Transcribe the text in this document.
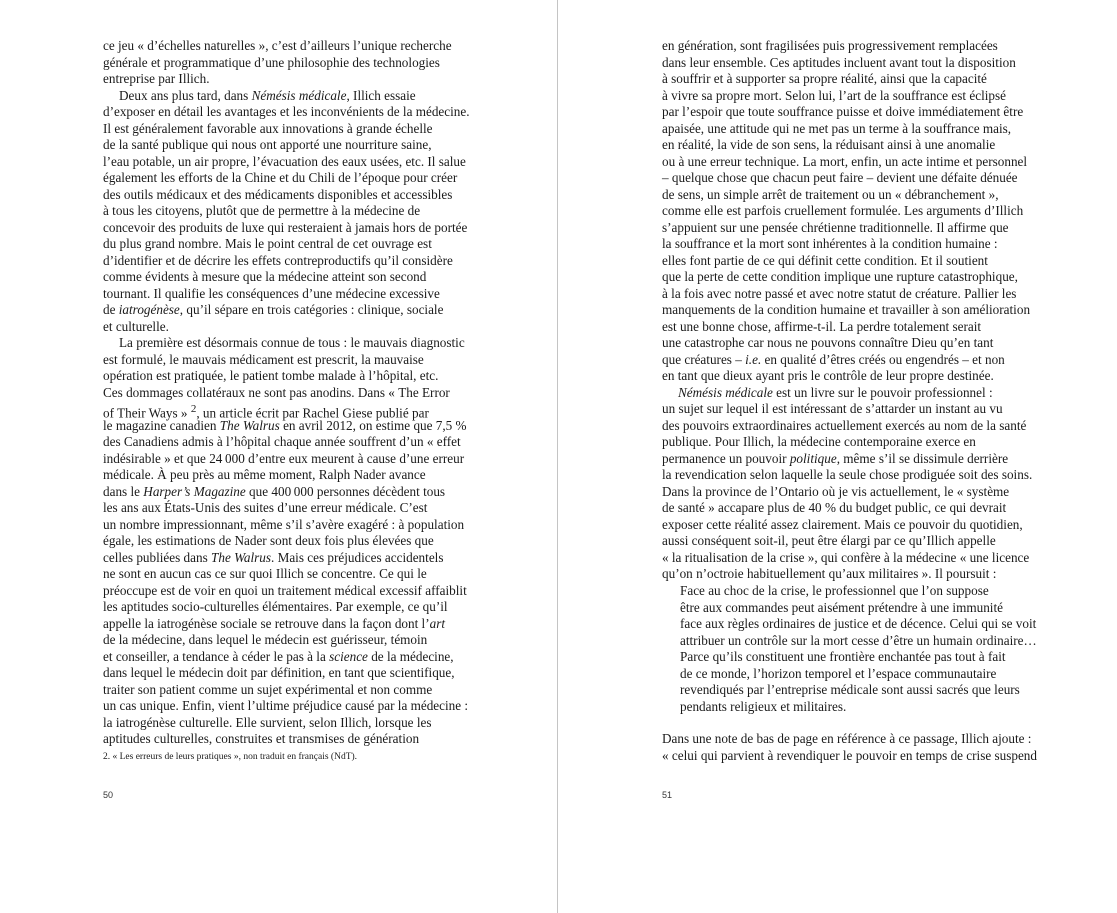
ce jeu « d’échelles naturelles », c’est d’ailleurs l’unique recherche

générale et programmatique d’une philosophie des technologies

entreprise par Illich.

Deux ans plus tard, dans Némésis médicale, Illich essaie

d’exposer en détail les avantages et les inconvénients de la médecine.

Il est généralement favorable aux innovations à grande échelle

de la santé publique qui nous ont apporté une nourriture saine,

l’eau potable, un air propre, l’évacuation des eaux usées, etc. Il salue

également les efforts de la Chine et du Chili de l’époque pour créer

des outils médicaux et des médicaments disponibles et accessibles

à tous les citoyens, plutôt que de permettre à la médecine de

concevoir des produits de luxe qui resteraient à jamais hors de portée

du plus grand nombre. Mais le point central de cet ouvrage est

d’identifier et de décrire les effets contreproductifs qu’il considère

comme évidents à mesure que la médecine atteint son second

tournant. Il qualifie les conséquences d’une médecine excessive

de iatrogénèse, qu’il sépare en trois catégories : clinique, sociale

et culturelle.

La première est désormais connue de tous : le mauvais diagnostic

est formulé, le mauvais médicament est prescrit, la mauvaise

opération est pratiquée, le patient tombe malade à l’hôpital, etc.

Ces dommages collatéraux ne sont pas anodins. Dans « The Error

of Their Ways » $^2$, un article écrit par Rachel Giese publié par

le magazine canadien The Walrus en avril 2012, on estime que 7,5 %

des Canadiens admis à l’hôpital chaque année souffrent d’un « effet

indésirable » et que 24 000 d’entre eux meurent à cause d’une erreur

médicale. À peu près au même moment, Ralph Nader avance

dans le Harper’s Magazine que 400 000 personnes décèdent tous

les ans aux États-Unis des suites d’une erreur médicale. C’est

un nombre impressionnant, même s’il s’avère exagéré : à population

égale, les estimations de Nader sont deux fois plus élevées que

celles publiées dans The Walrus. Mais ces préjudices accidentels

ne sont en aucun cas ce sur quoi Illich se concentre. Ce qui le

préoccupe est de voir en quoi un traitement médical excessif affaiblit

les aptitudes socio-culturelles élémentaires. Par exemple, ce qu’il

appelle la iatrogénèse sociale se retrouve dans la façon dont l’art

de la médecine, dans lequel le médecin est guérisseur, témoin

et conseiller, a tendance à céder le pas à la science de la médecine,

dans lequel le médecin doit par définition, en tant que scientifique,

traiter son patient comme un sujet expérimental et non comme

un cas unique. Enfin, vient l’ultime préjudice causé par la médecine :

la iatrogénèse culturelle. Elle survient, selon Illich, lorsque les

aptitudes culturelles, construites et transmises de génération

2. « Les erreurs de leurs pratiques », non traduit en français (NdT).

50

en génération, sont fragilisées puis progressivement remplacées

dans leur ensemble. Ces aptitudes incluent avant tout la disposition

à souffrir et à supporter sa propre réalité, ainsi que la capacité

à vivre sa propre mort. Selon lui, l’art de la souffrance est éclipsé

par l’espoir que toute souffrance puisse et doive immédiatement être

apaisée, une attitude qui ne met pas un terme à la souffrance mais,

en réalité, la vide de son sens, la réduisant ainsi à une anomalie

ou à une erreur technique. La mort, enfin, un acte intime et personnel

– quelque chose que chacun peut faire – devient une défaite dénuée

de sens, un simple arrêt de traitement ou un « débranchement »,

comme elle est parfois cruellement formulée. Les arguments d’Illich

s’appuient sur une pensée chrétienne traditionnelle. Il affirme que

la souffrance et la mort sont inhérentes à la condition humaine :

elles font partie de ce qui définit cette condition. Et il soutient

que la perte de cette condition implique une rupture catastrophique,

à la fois avec notre passé et avec notre statut de créature. Pallier les

manquements de la condition humaine et travailler à son amélioration

est une bonne chose, affirme-t-il. La perdre totalement serait

une catastrophe car nous ne pouvons connaître Dieu qu’en tant

que créatures – i.e. en qualité d’êtres créés ou engendrés – et non

en tant que dieux ayant pris le contrôle de leur propre destinée.

Némésis médicale est un livre sur le pouvoir professionnel :

un sujet sur lequel il est intéressant de s’attarder un instant au vu

des pouvoirs extraordinaires actuellement exercés au nom de la santé

publique. Pour Illich, la médecine contemporaine exerce en

permanence un pouvoir politique, même s’il se dissimule derrière

la revendication selon laquelle la seule chose prodiguée soit des soins.

Dans la province de l’Ontario où je vis actuellement, le « système

de santé » accapare plus de 40 % du budget public, ce qui devrait

exposer cette réalité assez clairement. Mais ce pouvoir du quotidien,

aussi conséquent soit-il, peut être élargi par ce qu’Illich appelle

« la ritualisation de la crise », qui confère à la médecine « une licence

qu’on n’octroie habituellement qu’aux militaires ». Il poursuit :

Face au choc de la crise, le professionnel que l’on suppose

être aux commandes peut aisément prétendre à une immunité

face aux règles ordinaires de justice et de décence. Celui qui se voit

attribuer un contrôle sur la mort cesse d’être un humain ordinaire…

Parce qu’ils constituent une frontière enchantée pas tout à fait

de ce monde, l’horizon temporel et l’espace communautaire

revendiqués par l’entreprise médicale sont aussi sacrés que leurs

pendants religieux et militaires.

Dans une note de bas de page en référence à ce passage, Illich ajoute :

« celui qui parvient à revendiquer le pouvoir en temps de crise suspend

51
